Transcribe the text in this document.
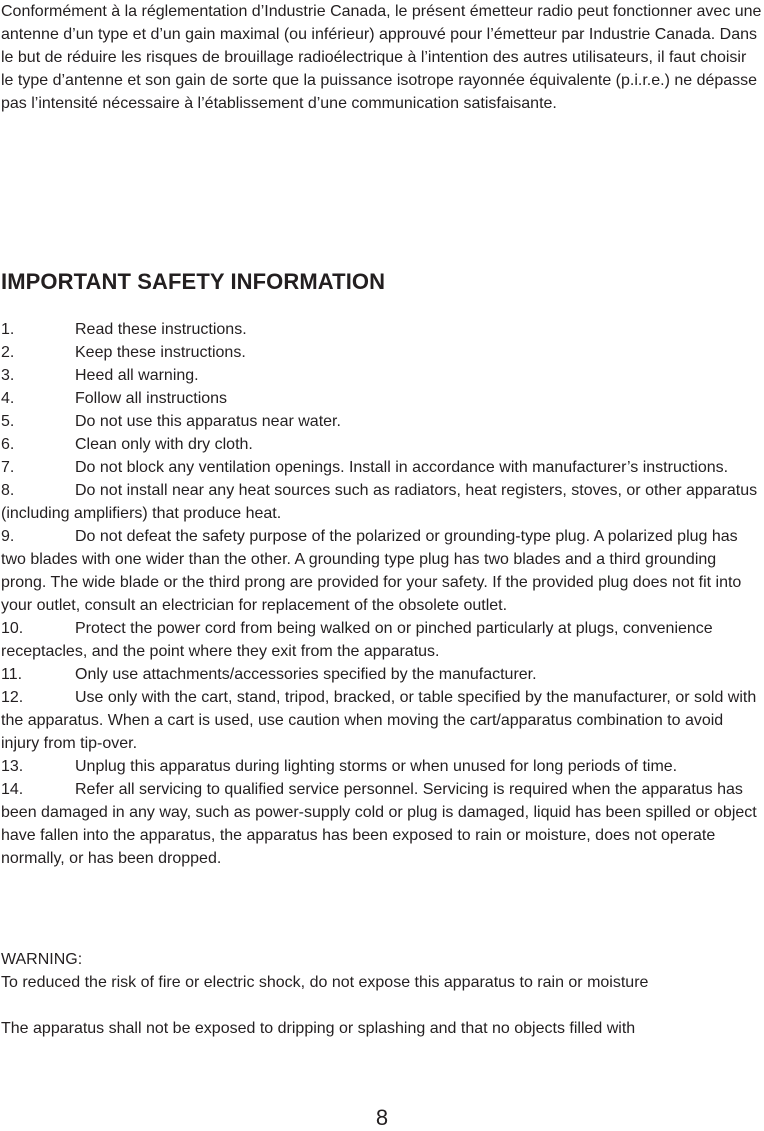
Conformément à la réglementation d’Industrie Canada, le présent émetteur radio peut fonctionner avec une antenne d’un type et d’un gain maximal (ou inférieur) approuvé pour l’émetteur par Industrie Canada. Dans le but de réduire les risques de brouillage radioélectrique à l’intention des autres utilisateurs, il faut choisir le type d’antenne et son gain de sorte que la puissance isotrope rayonnée équivalente (p.i.r.e.) ne dépasse pas l’intensité nécessaire à l’établissement d’une communication satisfaisante.

IMPORTANT SAFETY INFORMATION
1.	Read these instructions.
2.	Keep these instructions.
3.	Heed all warning.
4.	Follow all instructions
5.	Do not use this apparatus near water.
6.	Clean only with dry cloth.
7.	Do not block any ventilation openings. Install in accordance with manufacturer’s instructions.
8.	Do not install near any heat sources such as radiators, heat registers, stoves, or other apparatus (including amplifiers) that produce heat.
9.	Do not defeat the safety purpose of the polarized or grounding-type plug. A polarized plug has two blades with one wider than the other. A grounding type plug has two blades and a third grounding prong. The wide blade or the third prong are provided for your safety. If the provided plug does not fit into your outlet, consult an electrician for replacement of the obsolete outlet.
10.	Protect the power cord from being walked on or pinched particularly at plugs, convenience receptacles, and the point where they exit from the apparatus.
11.	Only use attachments/accessories specified by the manufacturer.
12.	Use only with the cart, stand, tripod, bracked, or table specified by the manufacturer, or sold with the apparatus. When a cart is used, use caution when moving the cart/apparatus combination to avoid injury from tip-over.
13.	Unplug this apparatus during lighting storms or when unused for long periods of time.
14.	Refer all servicing to qualified service personnel. Servicing is required when the apparatus has been damaged in any way, such as power-supply cold or plug is damaged, liquid has been spilled or object have fallen into the apparatus, the apparatus has been exposed to rain or moisture, does not operate normally, or has been dropped.

WARNING:

To reduced the risk of fire or electric shock, do not expose this apparatus to rain or moisture

The apparatus shall not be exposed to dripping or splashing and that no objects filled with

8
